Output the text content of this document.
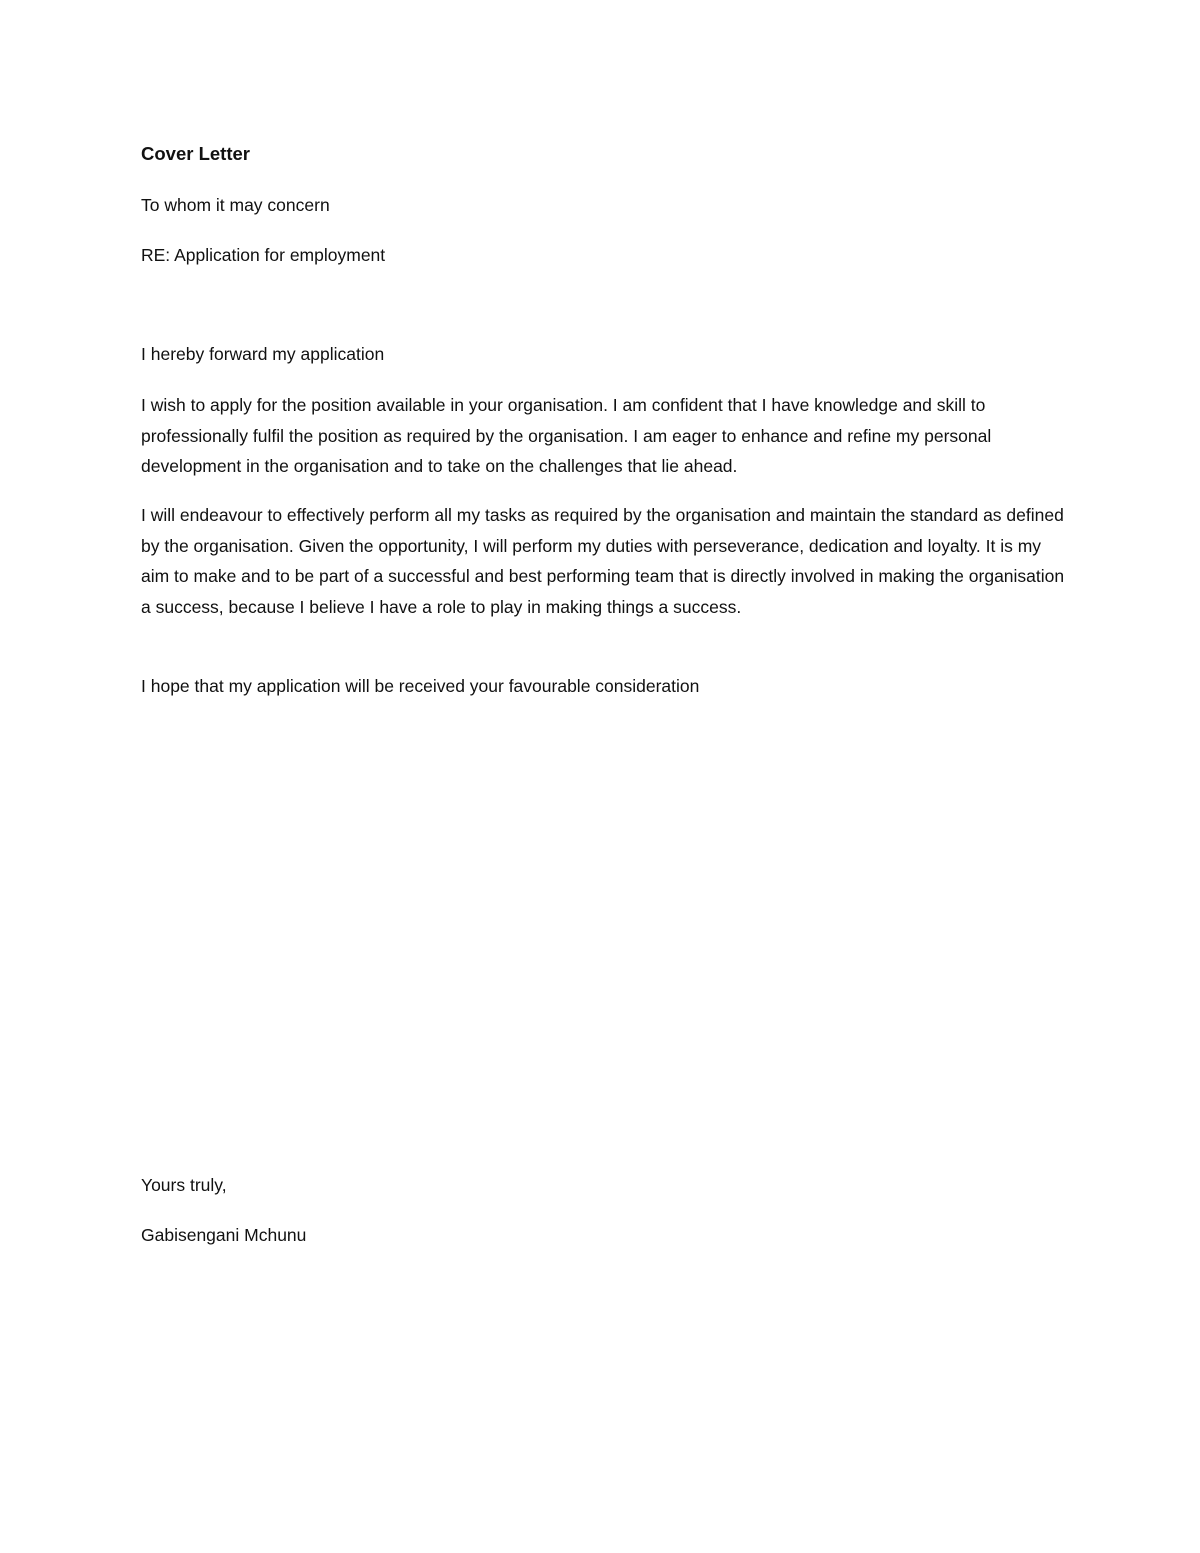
Cover Letter

To whom it may concern

RE: Application for employment

I hereby forward my application

I wish to apply for the position available in your organisation. I am confident that I have knowledge and skill to professionally fulfil the position as required by the organisation. I am eager to enhance and refine my personal development in the organisation and to take on the challenges that lie ahead.

I will endeavour to effectively perform all my tasks as required by the organisation and maintain the standard as defined by the organisation. Given the opportunity, I will perform my duties with perseverance, dedication and loyalty. It is my aim to make and to be part of a successful and best performing team that is directly involved in making the organisation a success, because I believe I have a role to play in making things a success.

I hope that my application will be received your favourable consideration

Yours truly,

Gabisengani Mchunu
